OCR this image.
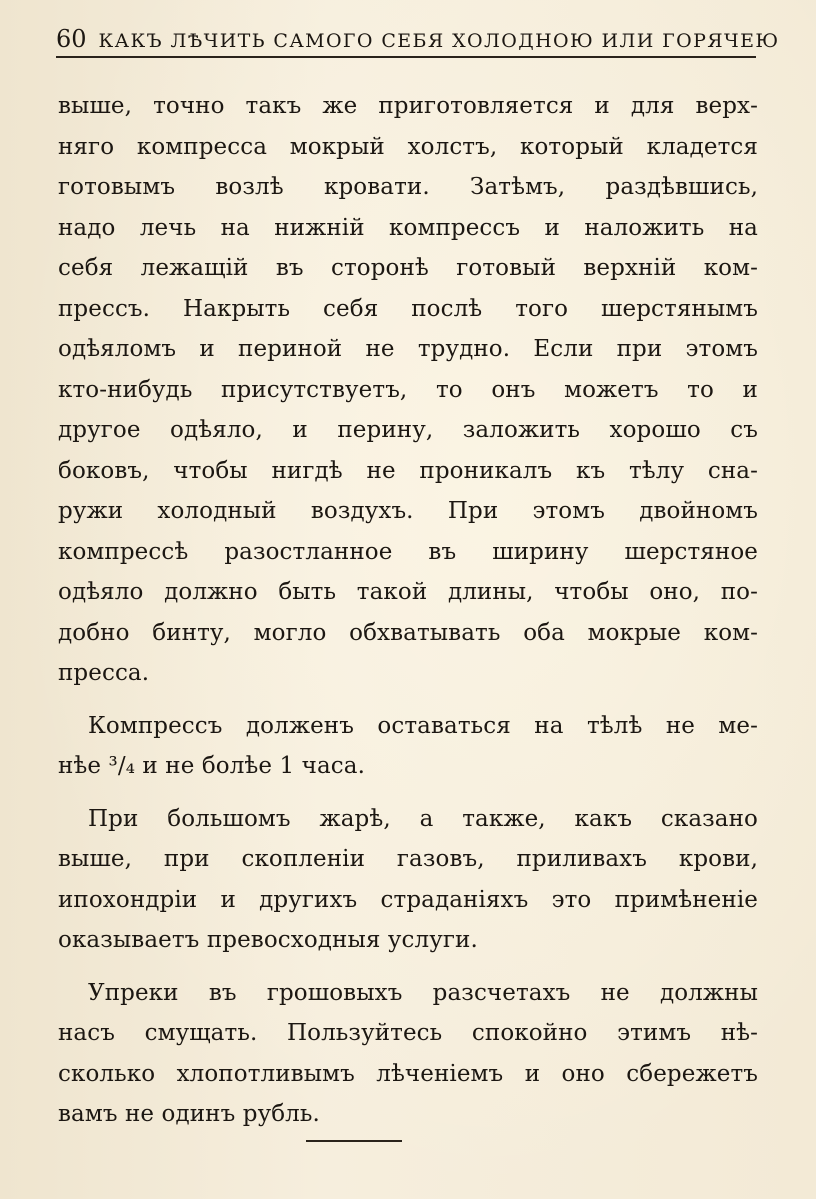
60 КАКЪ ЛѢЧИТЬ САМОГО СЕБЯ ХОЛОДНОЮ ИЛИ ГОРЯЧЕЮ
выше, точно такъ же приготовляется и для верх-
няго компресса мокрый холстъ, который кладется
готовымъ возлѣ кровати. Затѣмъ, раздѣвшись,
надо лечь на нижній компрессъ и наложить на
себя лежащій въ сторонѣ готовый верхній ком-
прессъ. Накрыть себя послѣ того шерстянымъ
одѣяломъ и периной не трудно. Если при этомъ
кто-нибудь присутствуетъ, то онъ можетъ то и
другое одѣяло, и перину, заложить хорошо съ
боковъ, чтобы нигдѣ не проникалъ къ тѣлу сна-
ружи холодный воздухъ. При этомъ двойномъ
компрессѣ разостланное въ ширину шерстяное
одѣяло должно быть такой длины, чтобы оно, по-
добно бинту, могло обхватывать оба мокрые ком-
пресса.
Компрессъ долженъ оставаться на тѣлѣ не ме-
нѣе ³/₄ и не болѣе 1 часа.
При большомъ жарѣ, а также, какъ сказано
выше, при скопленіи газовъ, приливахъ крови,
ипохондріи и другихъ страданіяхъ это примѣненіе
оказываетъ превосходныя услуги.
Упреки въ грошовыхъ разсчетахъ не должны
насъ смущать. Пользуйтесь спокойно этимъ нѣ-
сколько хлопотливымъ лѣченіемъ и оно сбережетъ
вамъ не одинъ рубль.
